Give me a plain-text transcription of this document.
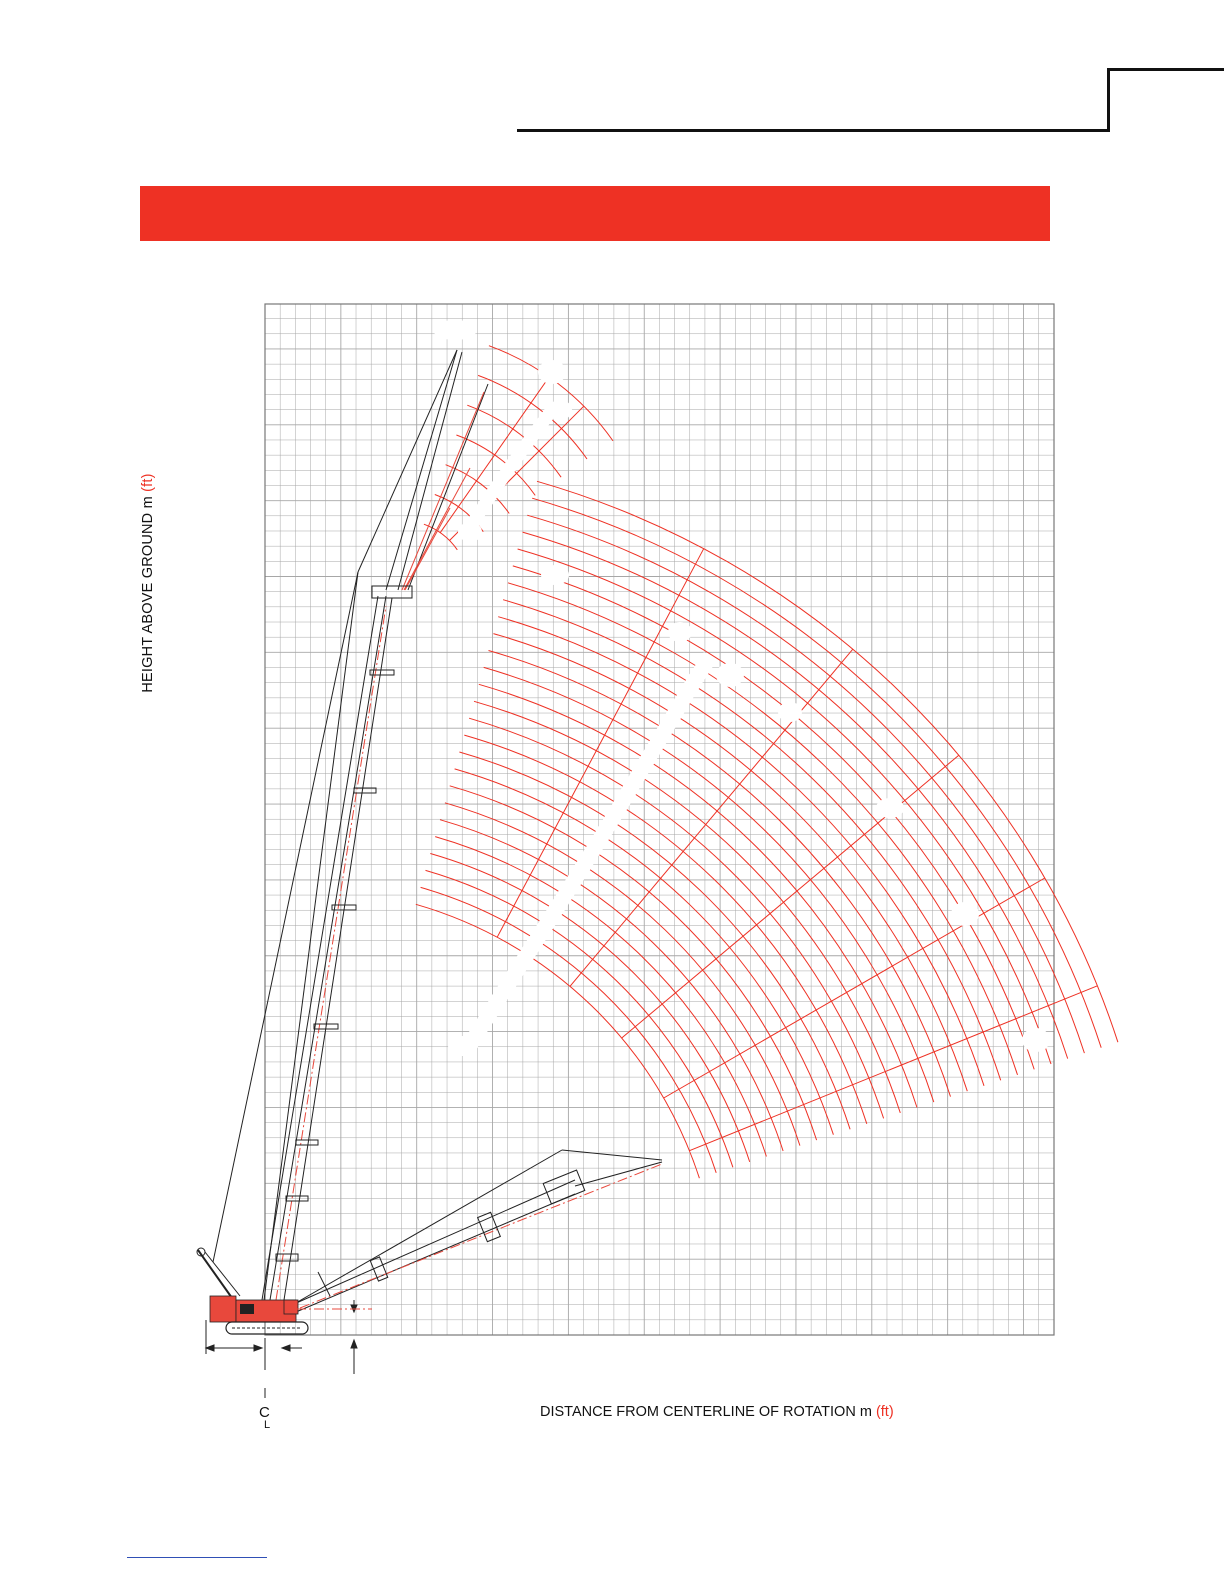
HEIGHT ABOVE GROUND m (ft)
DISTANCE FROM CENTERLINE OF ROTATION m (ft)
C
L
